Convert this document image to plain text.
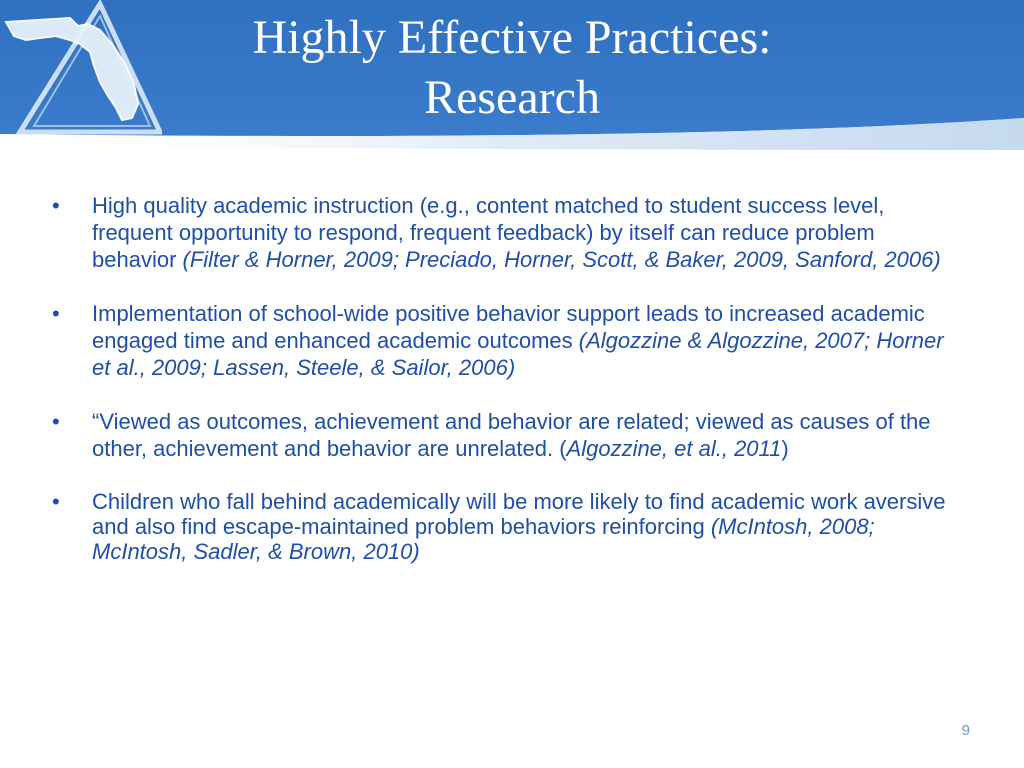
Highly Effective Practices:
Research
• High quality academic instruction (e.g., content matched to student success level, frequent opportunity to respond, frequent feedback) by itself can reduce problem behavior (Filter & Horner, 2009; Preciado, Horner, Scott, & Baker, 2009, Sanford, 2006)
• Implementation of school-wide positive behavior support leads to increased academic engaged time and enhanced academic outcomes (Algozzine & Algozzine, 2007; Horner et al., 2009; Lassen, Steele, & Sailor, 2006)
• “Viewed as outcomes, achievement and behavior are related; viewed as causes of the other, achievement and behavior are unrelated. (Algozzine, et al., 2011)
• Children who fall behind academically will be more likely to find academic work aversive and also find escape-maintained problem behaviors reinforcing (McIntosh, 2008; McIntosh, Sadler, & Brown, 2010)
9
